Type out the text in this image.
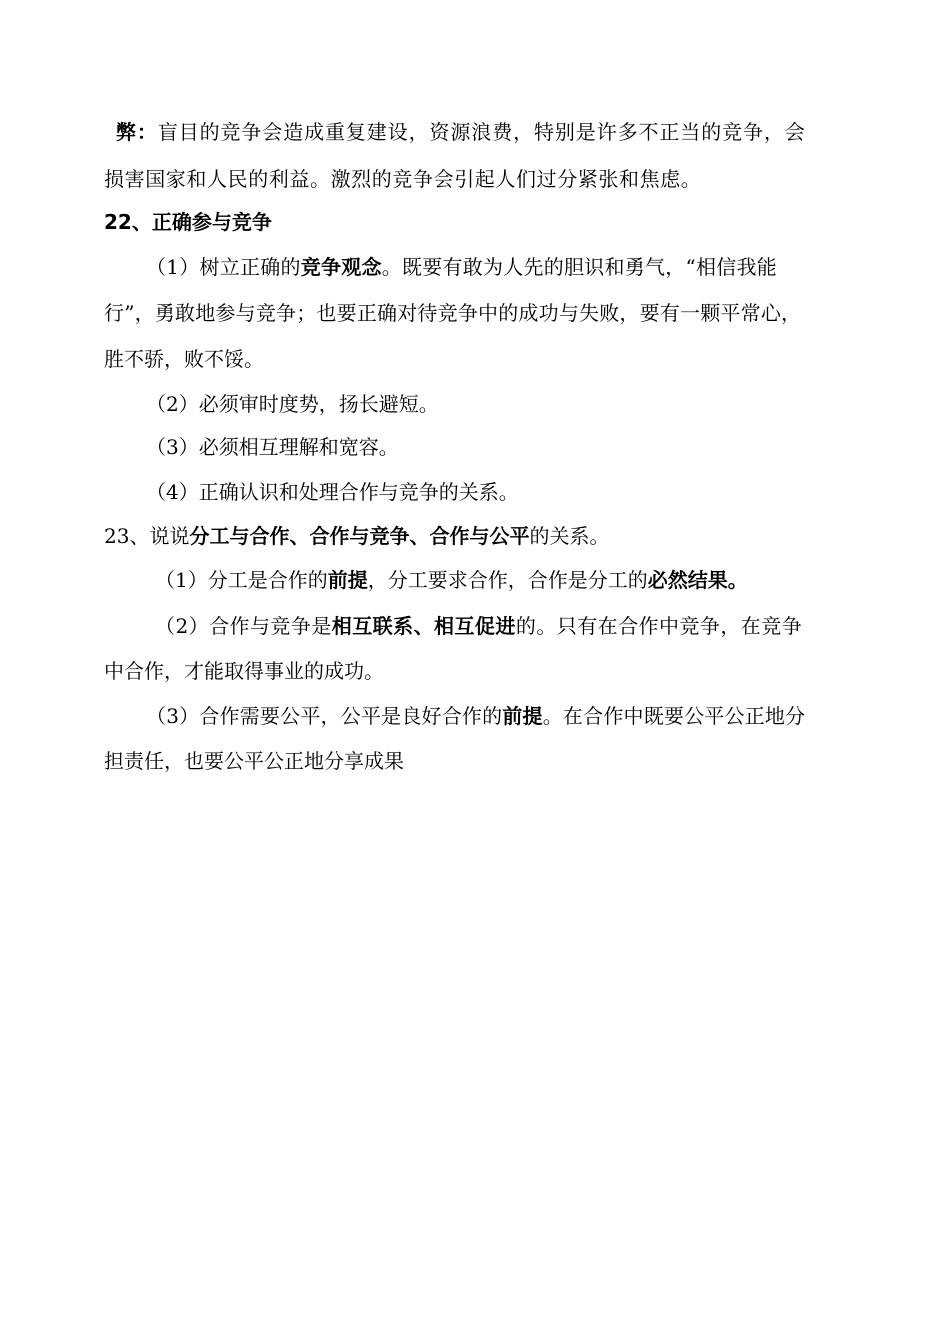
弊：盲目的竞争会造成重复建设，资源浪费，特别是许多不正当的竞争，会

损害国家和人民的利益。激烈的竞争会引起人们过分紧张和焦虑。

22、正确参与竞争

（1）树立正确的竞争观念。既要有敢为人先的胆识和勇气，“相信我能

行”，勇敢地参与竞争；也要正确对待竞争中的成功与失败，要有一颗平常心，

胜不骄，败不馁。

（2）必须审时度势，扬长避短。

（3）必须相互理解和宽容。

（4）正确认识和处理合作与竞争的关系。

23、说说分工与合作、合作与竞争、合作与公平的关系。

（1）分工是合作的前提，分工要求合作，合作是分工的必然结果。

（2）合作与竞争是相互联系、相互促进的。只有在合作中竞争，在竞争

中合作，才能取得事业的成功。

（3）合作需要公平，公平是良好合作的前提。在合作中既要公平公正地分

担责任，也要公平公正地分享成果
